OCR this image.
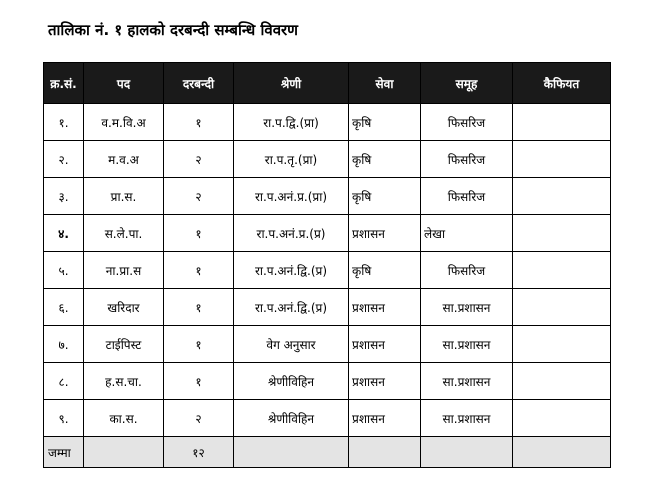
तालिका नं. १ हालको दरबन्दी सम्बन्धि विवरण
क्र.सं.	पद	दरबन्दी	श्रेणी	सेवा	समूह	कैफियत
१.	व.म.वि.अ	१	रा.प.द्वि.(प्रा)	कृषि	फिसरिज	
२.	म.व.अ	२	रा.प.तृ.(प्रा)	कृषि	फिसरिज	
३.	प्रा.स.	२	रा.प.अनं.प्र.(प्रा)	कृषि	फिसरिज	
४.	स.ले.पा.	१	रा.प.अनं.प्र.(प्र)	प्रशासन	लेखा	
५.	ना.प्रा.स	१	रा.प.अनं.द्वि.(प्र)	कृषि	फिसरिज	
६.	खरिदार	१	रा.प.अनं.द्वि.(प्र)	प्रशासन	सा.प्रशासन	
७.	टाईपिस्ट	१	वेग अनुसार	प्रशासन	सा.प्रशासन	
८.	ह.स.चा.	१	श्रेणीविहिन	प्रशासन	सा.प्रशासन	
९.	का.स.	२	श्रेणीविहिन	प्रशासन	सा.प्रशासन	
जम्मा		१२				
